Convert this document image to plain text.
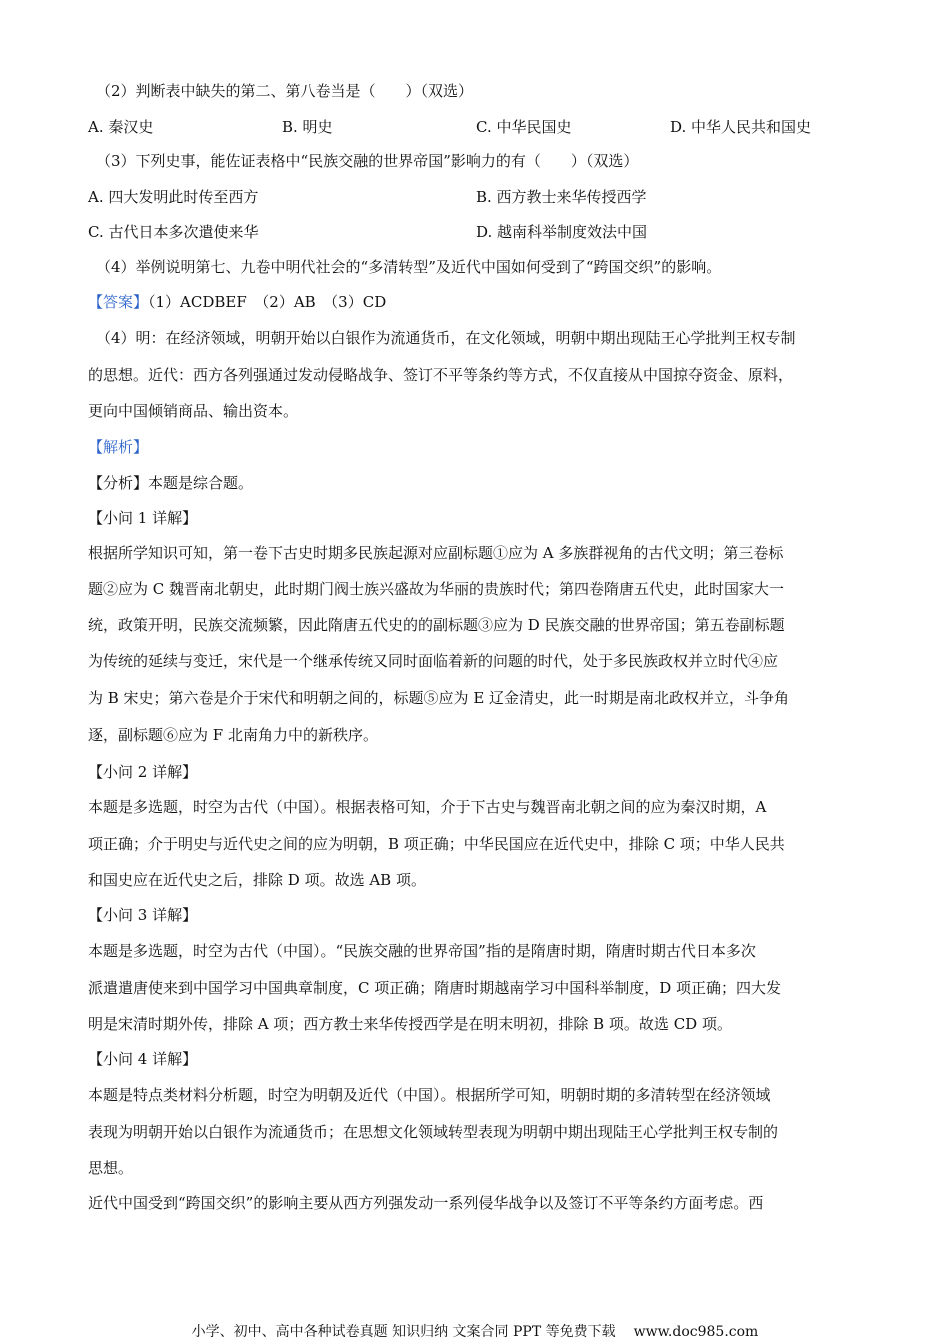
（2）判断表中缺失的第二、第八卷当是（　　）（双选）
A. 秦汉史	B. 明史	C. 中华民国史	D. 中华人民共和国史
（3）下列史事，能佐证表格中“民族交融的世界帝国”影响力的有（　　）（双选）
A. 四大发明此时传至西方	B. 西方教士来华传授西学
C. 古代日本多次遣使来华	D. 越南科举制度效法中国
（4）举例说明第七、九卷中明代社会的“多清转型”及近代中国如何受到了“跨国交织”的影响。
【答案】（1）ACDBEF　（2）AB　（3）CD
（4）明：在经济领域，明朝开始以白银作为流通货币，在文化领域，明朝中期出现陆王心学批判王权专制
的思想。近代：西方各列强通过发动侵略战争、签订不平等条约等方式，不仅直接从中国掠夺资金、原料，
更向中国倾销商品、输出资本。
【解析】
【分析】本题是综合题。
【小问 1 详解】
根据所学知识可知，第一卷下古史时期多民族起源对应副标题①应为 A 多族群视角的古代文明；第三卷标
题②应为 C 魏晋南北朝史，此时期门阀士族兴盛故为华丽的贵族时代；第四卷隋唐五代史，此时国家大一
统，政策开明，民族交流频繁，因此隋唐五代史的的副标题③应为 D 民族交融的世界帝国；第五卷副标题
为传统的延续与变迁，宋代是一个继承传统又同时面临着新的问题的时代，处于多民族政权并立时代④应
为 B 宋史；第六卷是介于宋代和明朝之间的，标题⑤应为 E 辽金清史，此一时期是南北政权并立，斗争角
逐，副标题⑥应为 F 北南角力中的新秩序。
【小问 2 详解】
本题是多选题，时空为古代（中国）。根据表格可知，介于下古史与魏晋南北朝之间的应为秦汉时期，A
项正确；介于明史与近代史之间的应为明朝，B 项正确；中华民国应在近代史中，排除 C 项；中华人民共
和国史应在近代史之后，排除 D 项。故选 AB 项。
【小问 3 详解】
本题是多选题，时空为古代（中国）。“民族交融的世界帝国”指的是隋唐时期，隋唐时期古代日本多次
派遣遣唐使来到中国学习中国典章制度，C 项正确；隋唐时期越南学习中国科举制度，D 项正确；四大发
明是宋清时期外传，排除 A 项；西方教士来华传授西学是在明末明初，排除 B 项。故选 CD 项。
【小问 4 详解】
本题是特点类材料分析题，时空为明朝及近代（中国）。根据所学可知，明朝时期的多清转型在经济领域
表现为明朝开始以白银作为流通货币；在思想文化领域转型表现为明朝中期出现陆王心学批判王权专制的
思想。
近代中国受到“跨国交织”的影响主要从西方列强发动一系列侵华战争以及签订不平等条约方面考虑。西
小学、初中、高中各种试卷真题 知识归纳 文案合同 PPT 等免费下载 www.doc985.com
